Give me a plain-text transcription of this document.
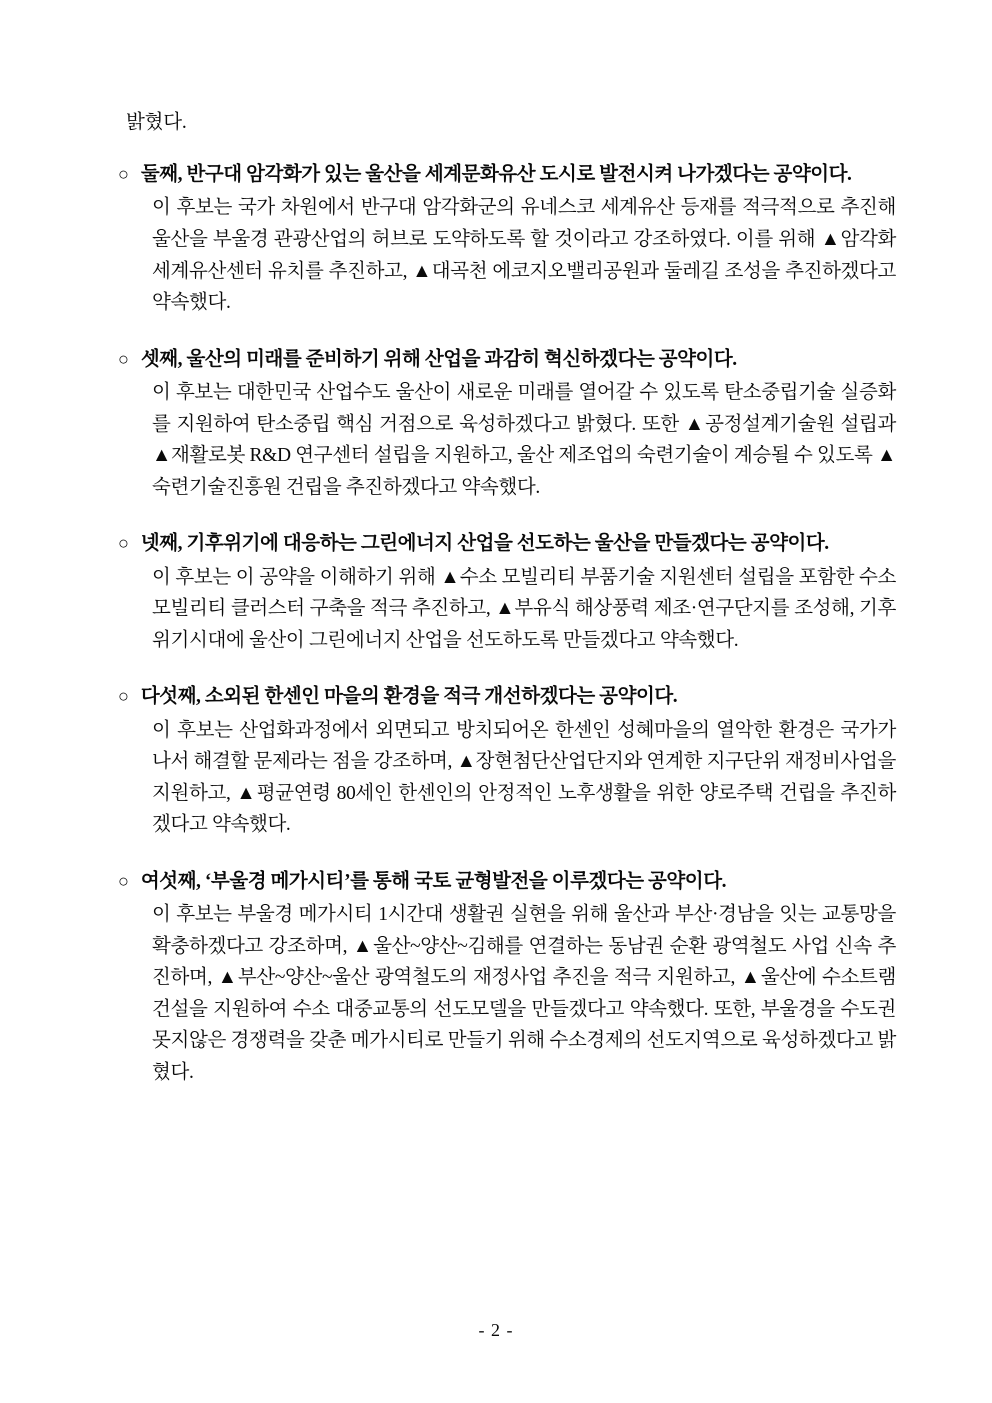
밝혔다.

○ 둘째, 반구대 암각화가 있는 울산을 세계문화유산 도시로 발전시켜 나가겠다는 공약이다.

이 후보는 국가 차원에서 반구대 암각화군의 유네스코 세계유산 등재를 적극적으로 추진해 울산을 부울경 관광산업의 허브로 도약하도록 할 것이라고 강조하였다. 이를 위해 ▲암각화 세계유산센터 유치를 추진하고, ▲대곡천 에코지오밸리공원과 둘레길 조성을 추진하겠다고 약속했다.

○ 셋째, 울산의 미래를 준비하기 위해 산업을 과감히 혁신하겠다는 공약이다.

이 후보는 대한민국 산업수도 울산이 새로운 미래를 열어갈 수 있도록 탄소중립기술 실증화를 지원하여 탄소중립 핵심 거점으로 육성하겠다고 밝혔다. 또한 ▲공정설계기술원 설립과 ▲재활로봇 R&D 연구센터 설립을 지원하고, 울산 제조업의 숙련기술이 계승될 수 있도록 ▲숙련기술진흥원 건립을 추진하겠다고 약속했다.

○ 넷째, 기후위기에 대응하는 그린에너지 산업을 선도하는 울산을 만들겠다는 공약이다.

이 후보는 이 공약을 이해하기 위해 ▲수소 모빌리티 부품기술 지원센터 설립을 포함한 수소 모빌리티 클러스터 구축을 적극 추진하고, ▲부유식 해상풍력 제조·연구단지를 조성해, 기후위기시대에 울산이 그린에너지 산업을 선도하도록 만들겠다고 약속했다.

○ 다섯째, 소외된 한센인 마을의 환경을 적극 개선하겠다는 공약이다.

이 후보는 산업화과정에서 외면되고 방치되어온 한센인 성혜마을의 열악한 환경은 국가가 나서 해결할 문제라는 점을 강조하며, ▲장현첨단산업단지와 연계한 지구단위 재정비사업을 지원하고, ▲평균연령 80세인 한센인의 안정적인 노후생활을 위한 양로주택 건립을 추진하겠다고 약속했다.

○ 여섯째, ‘부울경 메가시티’를 통해 국토 균형발전을 이루겠다는 공약이다.

이 후보는 부울경 메가시티 1시간대 생활권 실현을 위해 울산과 부산·경남을 잇는 교통망을 확충하겠다고 강조하며, ▲울산~양산~김해를 연결하는 동남권 순환 광역철도 사업 신속 추진하며, ▲부산~양산~울산 광역철도의 재정사업 추진을 적극 지원하고, ▲울산에 수소트램 건설을 지원하여 수소 대중교통의 선도모델을 만들겠다고 약속했다. 또한, 부울경을 수도권 못지않은 경쟁력을 갖춘 메가시티로 만들기 위해 수소경제의 선도지역으로 육성하겠다고 밝혔다.

- 2 -
